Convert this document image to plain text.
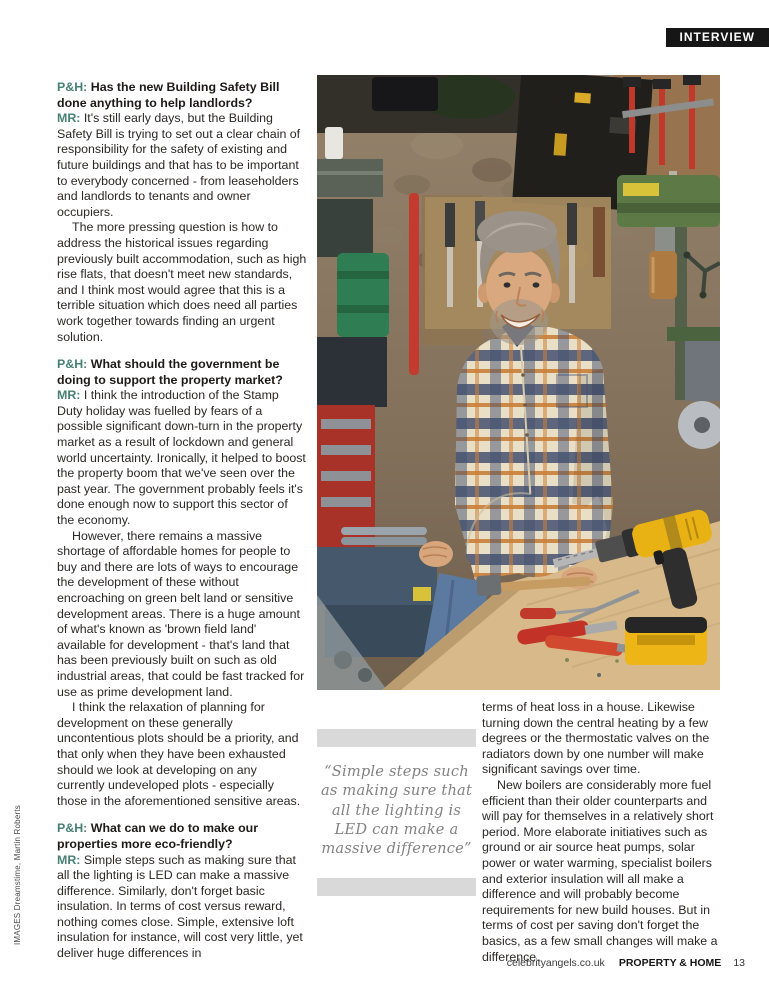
INTERVIEW
IMAGES Dreamstime, Martin Roberts

P&H: Has the new Building Safety Bill done anything to help landlords?

MR: It's still early days, but the Building Safety Bill is trying to set out a clear chain of responsibility for the safety of existing and future buildings and that has to be important to everybody concerned - from leaseholders and landlords to tenants and owner occupiers.

The more pressing question is how to address the historical issues regarding previously built accommodation, such as high rise flats, that doesn't meet new standards, and I think most would agree that this is a terrible situation which does need all parties work together towards finding an urgent solution.

P&H: What should the government be doing to support the property market?

MR: I think the introduction of the Stamp Duty holiday was fuelled by fears of a possible significant down-turn in the property market as a result of lockdown and general world uncertainty. Ironically, it helped to boost the property boom that we've seen over the past year. The government probably feels it's done enough now to support this sector of the economy.

However, there remains a massive shortage of affordable homes for people to buy and there are lots of ways to encourage the development of these without encroaching on green belt land or sensitive development areas. There is a huge amount of what's known as 'brown field land' available for development - that's land that has been previously built on such as old industrial areas, that could be fast tracked for use as prime development land.

I think the relaxation of planning for development on these generally uncontentious plots should be a priority, and that only when they have been exhausted should we look at developing on any currently undeveloped plots - especially those in the aforementioned sensitive areas.

P&H: What can we do to make our properties more eco-friendly?

MR: Simple steps such as making sure that all the lighting is LED can make a massive difference. Similarly, don't forget basic insulation. In terms of cost versus reward, nothing comes close. Simple, extensive loft insulation for instance, will cost very little, yet deliver huge differences in

“Simple steps such as making sure that all the lighting is LED can make a massive difference”

terms of heat loss in a house. Likewise turning down the central heating by a few degrees or the thermostatic valves on the radiators down by one number will make significant savings over time.

New boilers are considerably more fuel efficient than their older counterparts and will pay for themselves in a relatively short period. More elaborate initiatives such as ground or air source heat pumps, solar power or water warming, specialist boilers and exterior insulation will all make a difference and will probably become requirements for new build houses. But in terms of cost per saving don't forget the basics, as a few small changes will make a difference.

celebrityangels.co.uk PROPERTY & HOME 13
